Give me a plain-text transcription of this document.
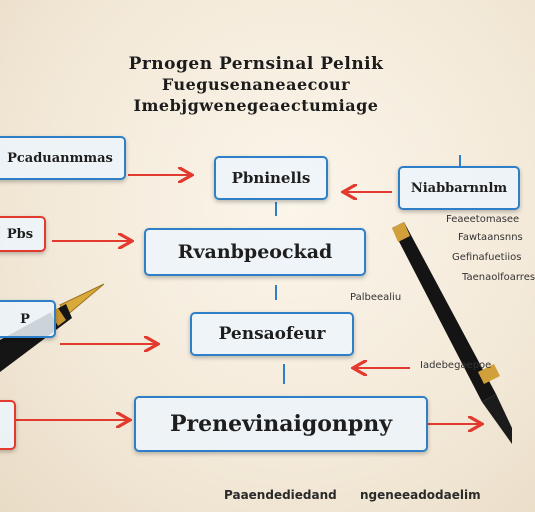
Prnogen Pernsinal Pelnik
Fuegusenaneaecour
Imebjgwenegeaectumiage
Pcaduanmmas
Pbs
P
Pbninells
Rvanbpeockad
Pensaofeur
Prenevinaigonpny
Niabbarnnlm
Feaeetomasee
Fawtaansnns
Gefinafuetiios
Taenaolfoarres
Palbeealiu
Iadebegaepoe
Paaendediedand ngeneeadodaelim
